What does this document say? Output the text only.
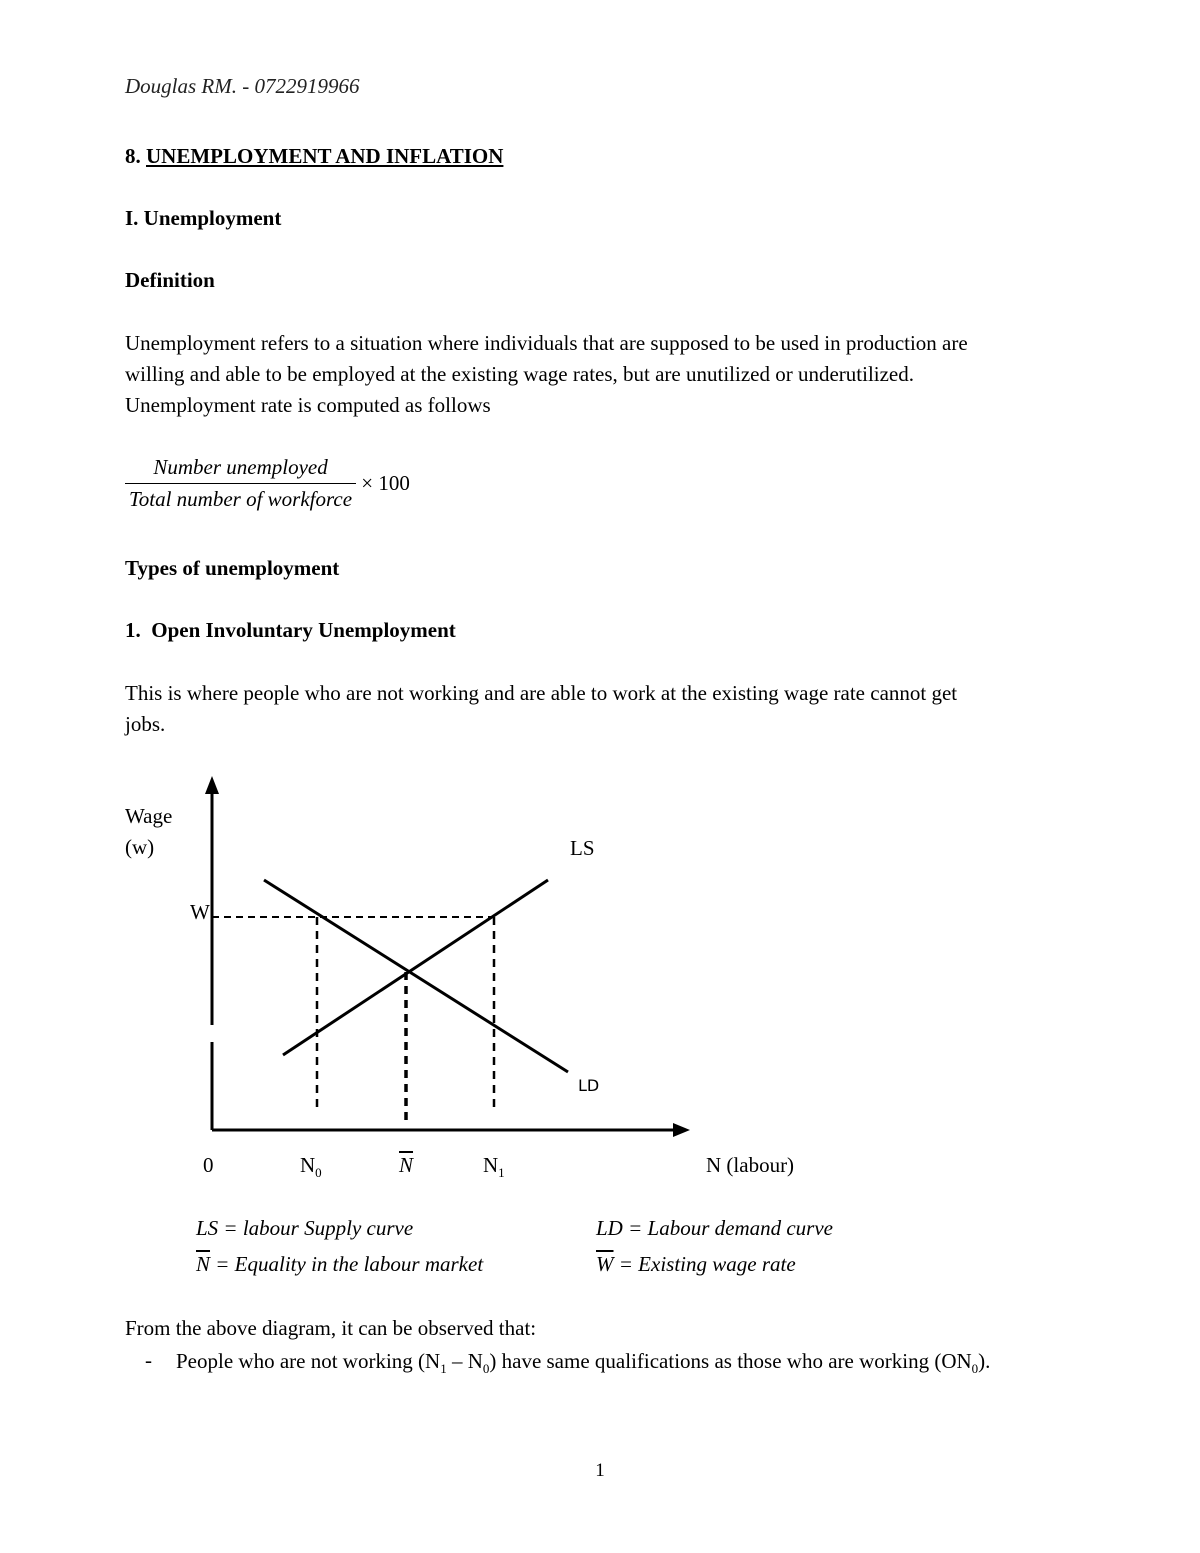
Douglas RM. - 0722919966
8. UNEMPLOYMENT AND INFLATION
I. Unemployment
Definition
Unemployment refers to a situation where individuals that are supposed to be used in production are
willing and able to be employed at the existing wage rates, but are unutilized or underutilized.
Unemployment rate is computed as follows
$\frac{\text{Number unemployed}}{\text{Total number of workforce}} \times 100$
Types of unemployment
1. Open Involuntary Unemployment
This is where people who are not working and are able to work at the existing wage rate cannot get
jobs.
Wage
(w)
W
LS
LD
0	$N_0$	$\overline{N}$	$N_1$	N (labour)
LS = labour Supply curve	LD = Labour demand curve
$\overline{N}$ = Equality in the labour market	$\overline{W}$ = Existing wage rate
From the above diagram, it can be observed that:
- People who are not working $(N_1 - N_0)$ have same qualifications as those who are working $(ON_0)$.
1
